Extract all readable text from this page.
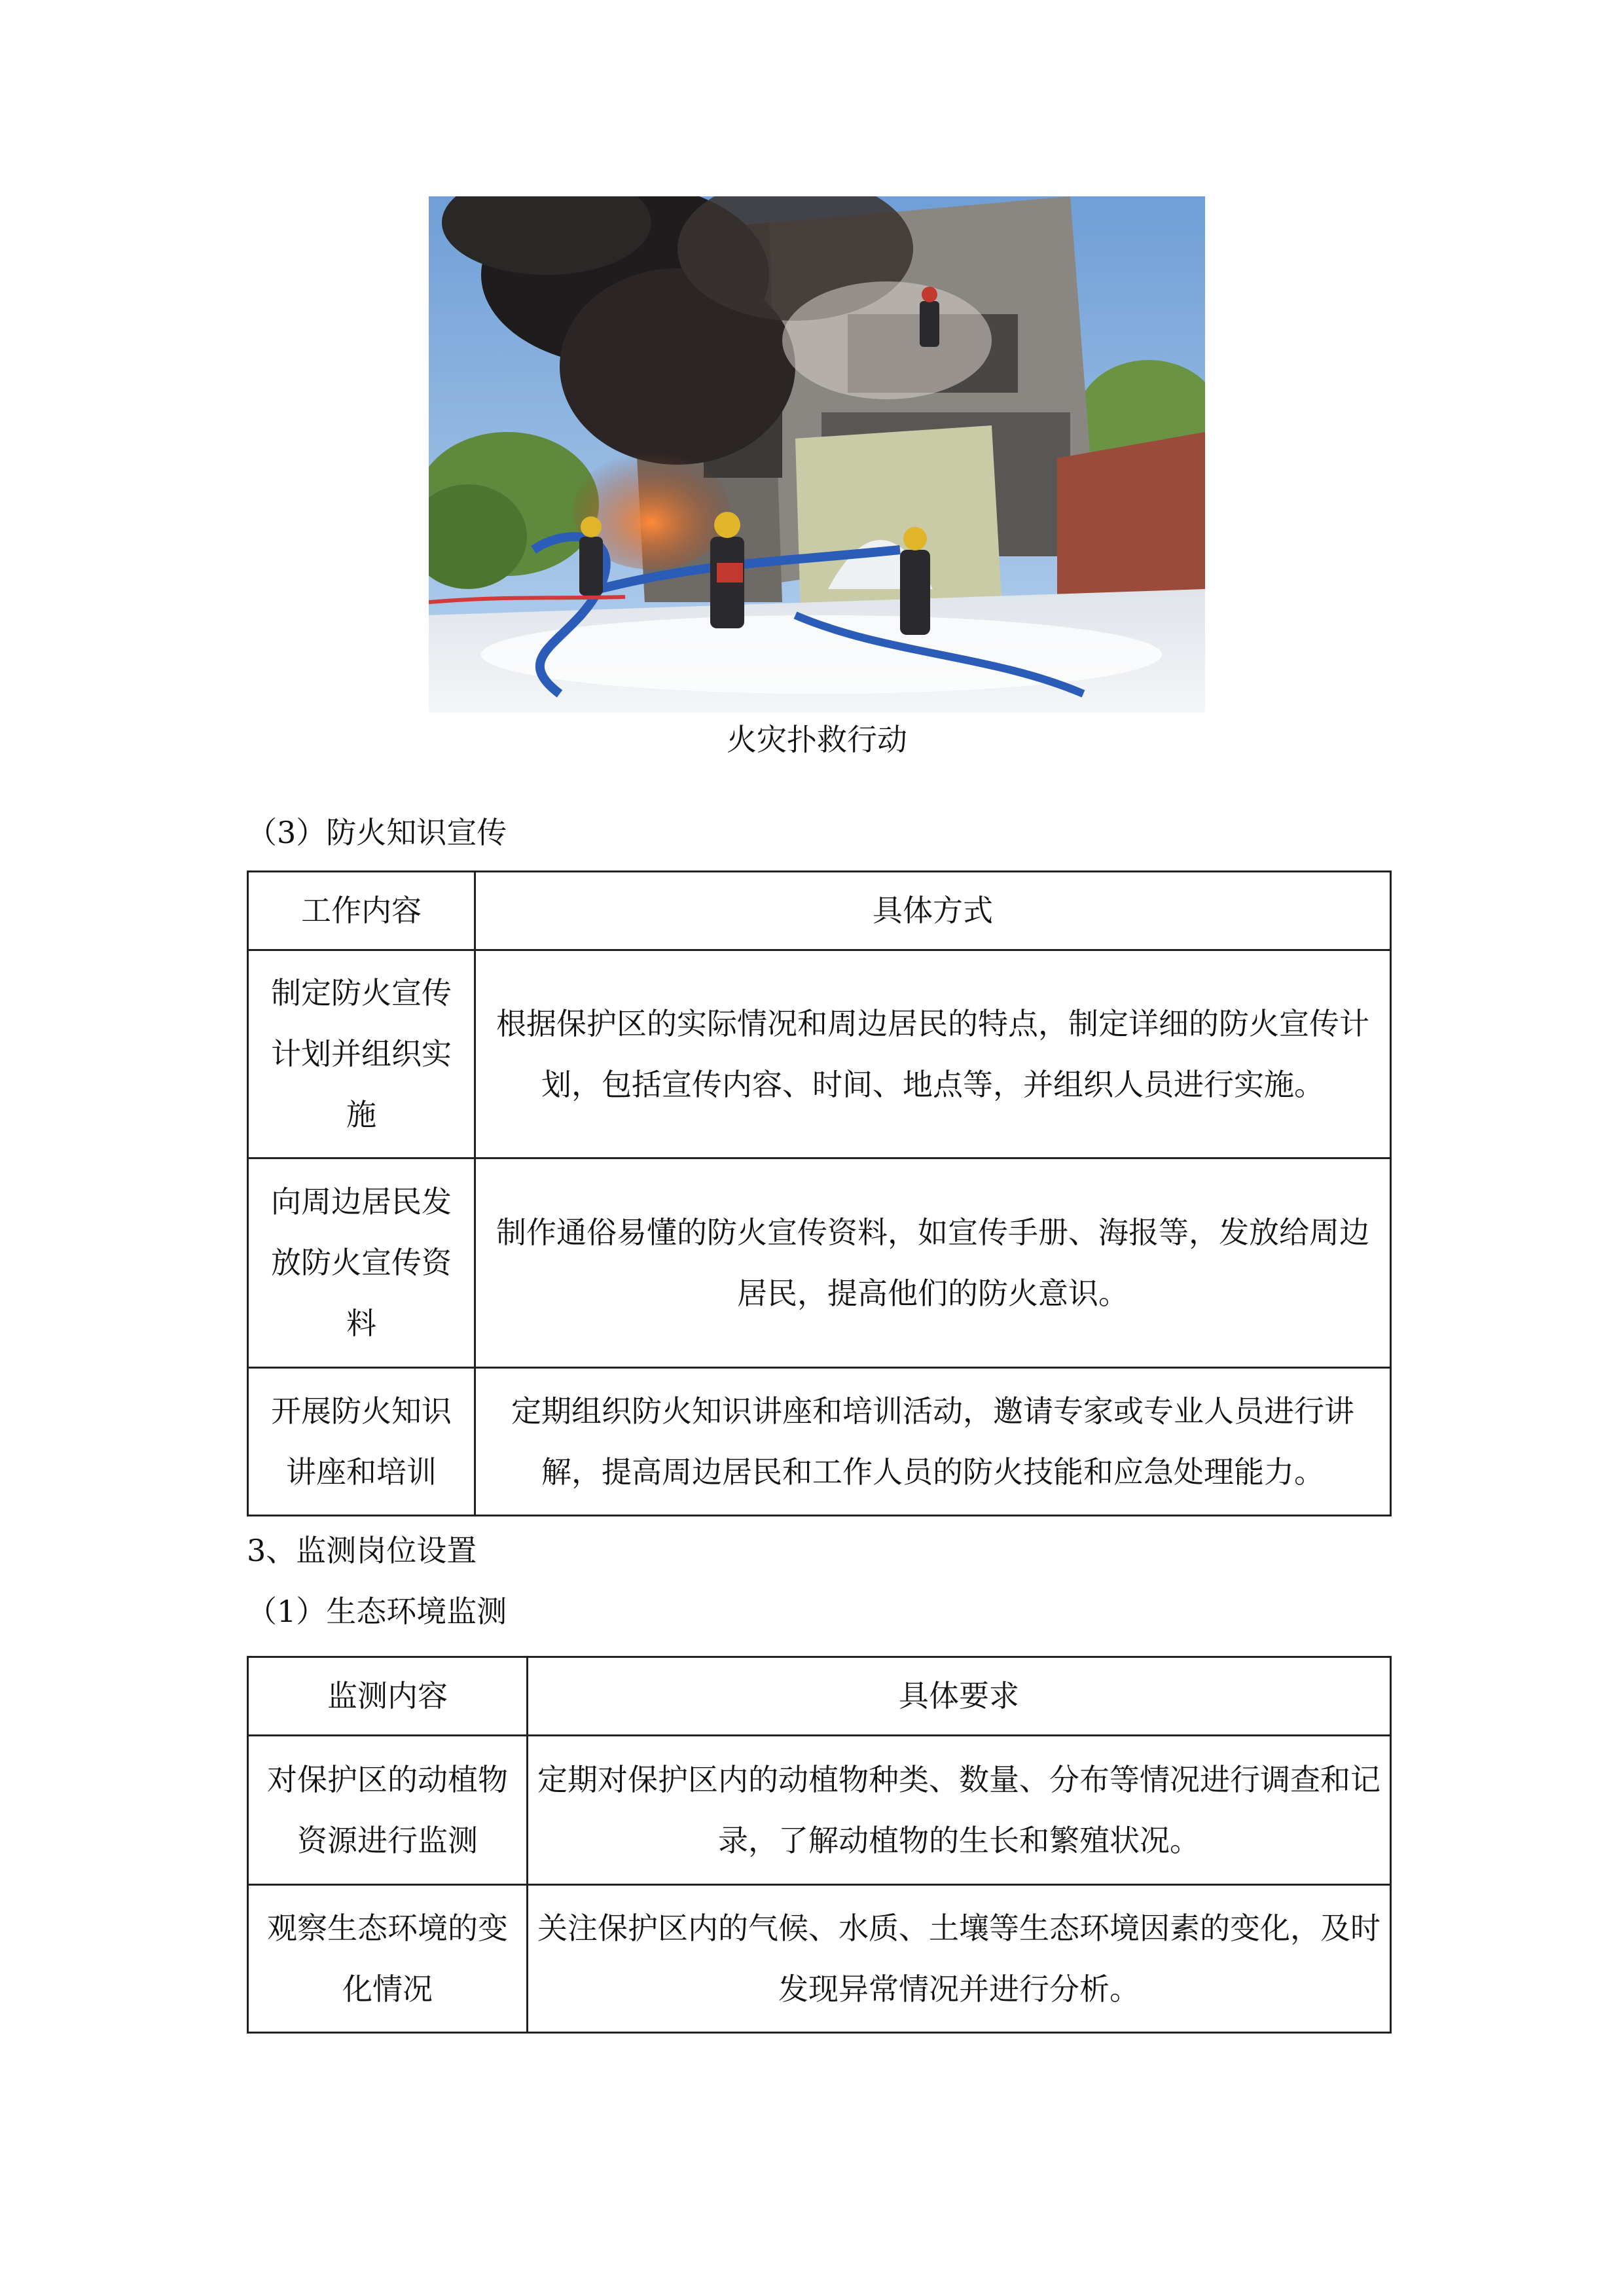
火灾扑救行动
（3）防火知识宣传
工作内容	具体方式
制定防火宣传计划并组织实施	根据保护区的实际情况和周边居民的特点，制定详细的防火宣传计划，包括宣传内容、时间、地点等，并组织人员进行实施。
向周边居民发放防火宣传资料	制作通俗易懂的防火宣传资料，如宣传手册、海报等，发放给周边居民，提高他们的防火意识。
开展防火知识讲座和培训	定期组织防火知识讲座和培训活动，邀请专家或专业人员进行讲解，提高周边居民和工作人员的防火技能和应急处理能力。
3、监测岗位设置
（1）生态环境监测
监测内容	具体要求
对保护区的动植物资源进行监测	定期对保护区内的动植物种类、数量、分布等情况进行调查和记录，了解动植物的生长和繁殖状况。
观察生态环境的变化情况	关注保护区内的气候、水质、土壤等生态环境因素的变化，及时发现异常情况并进行分析。
